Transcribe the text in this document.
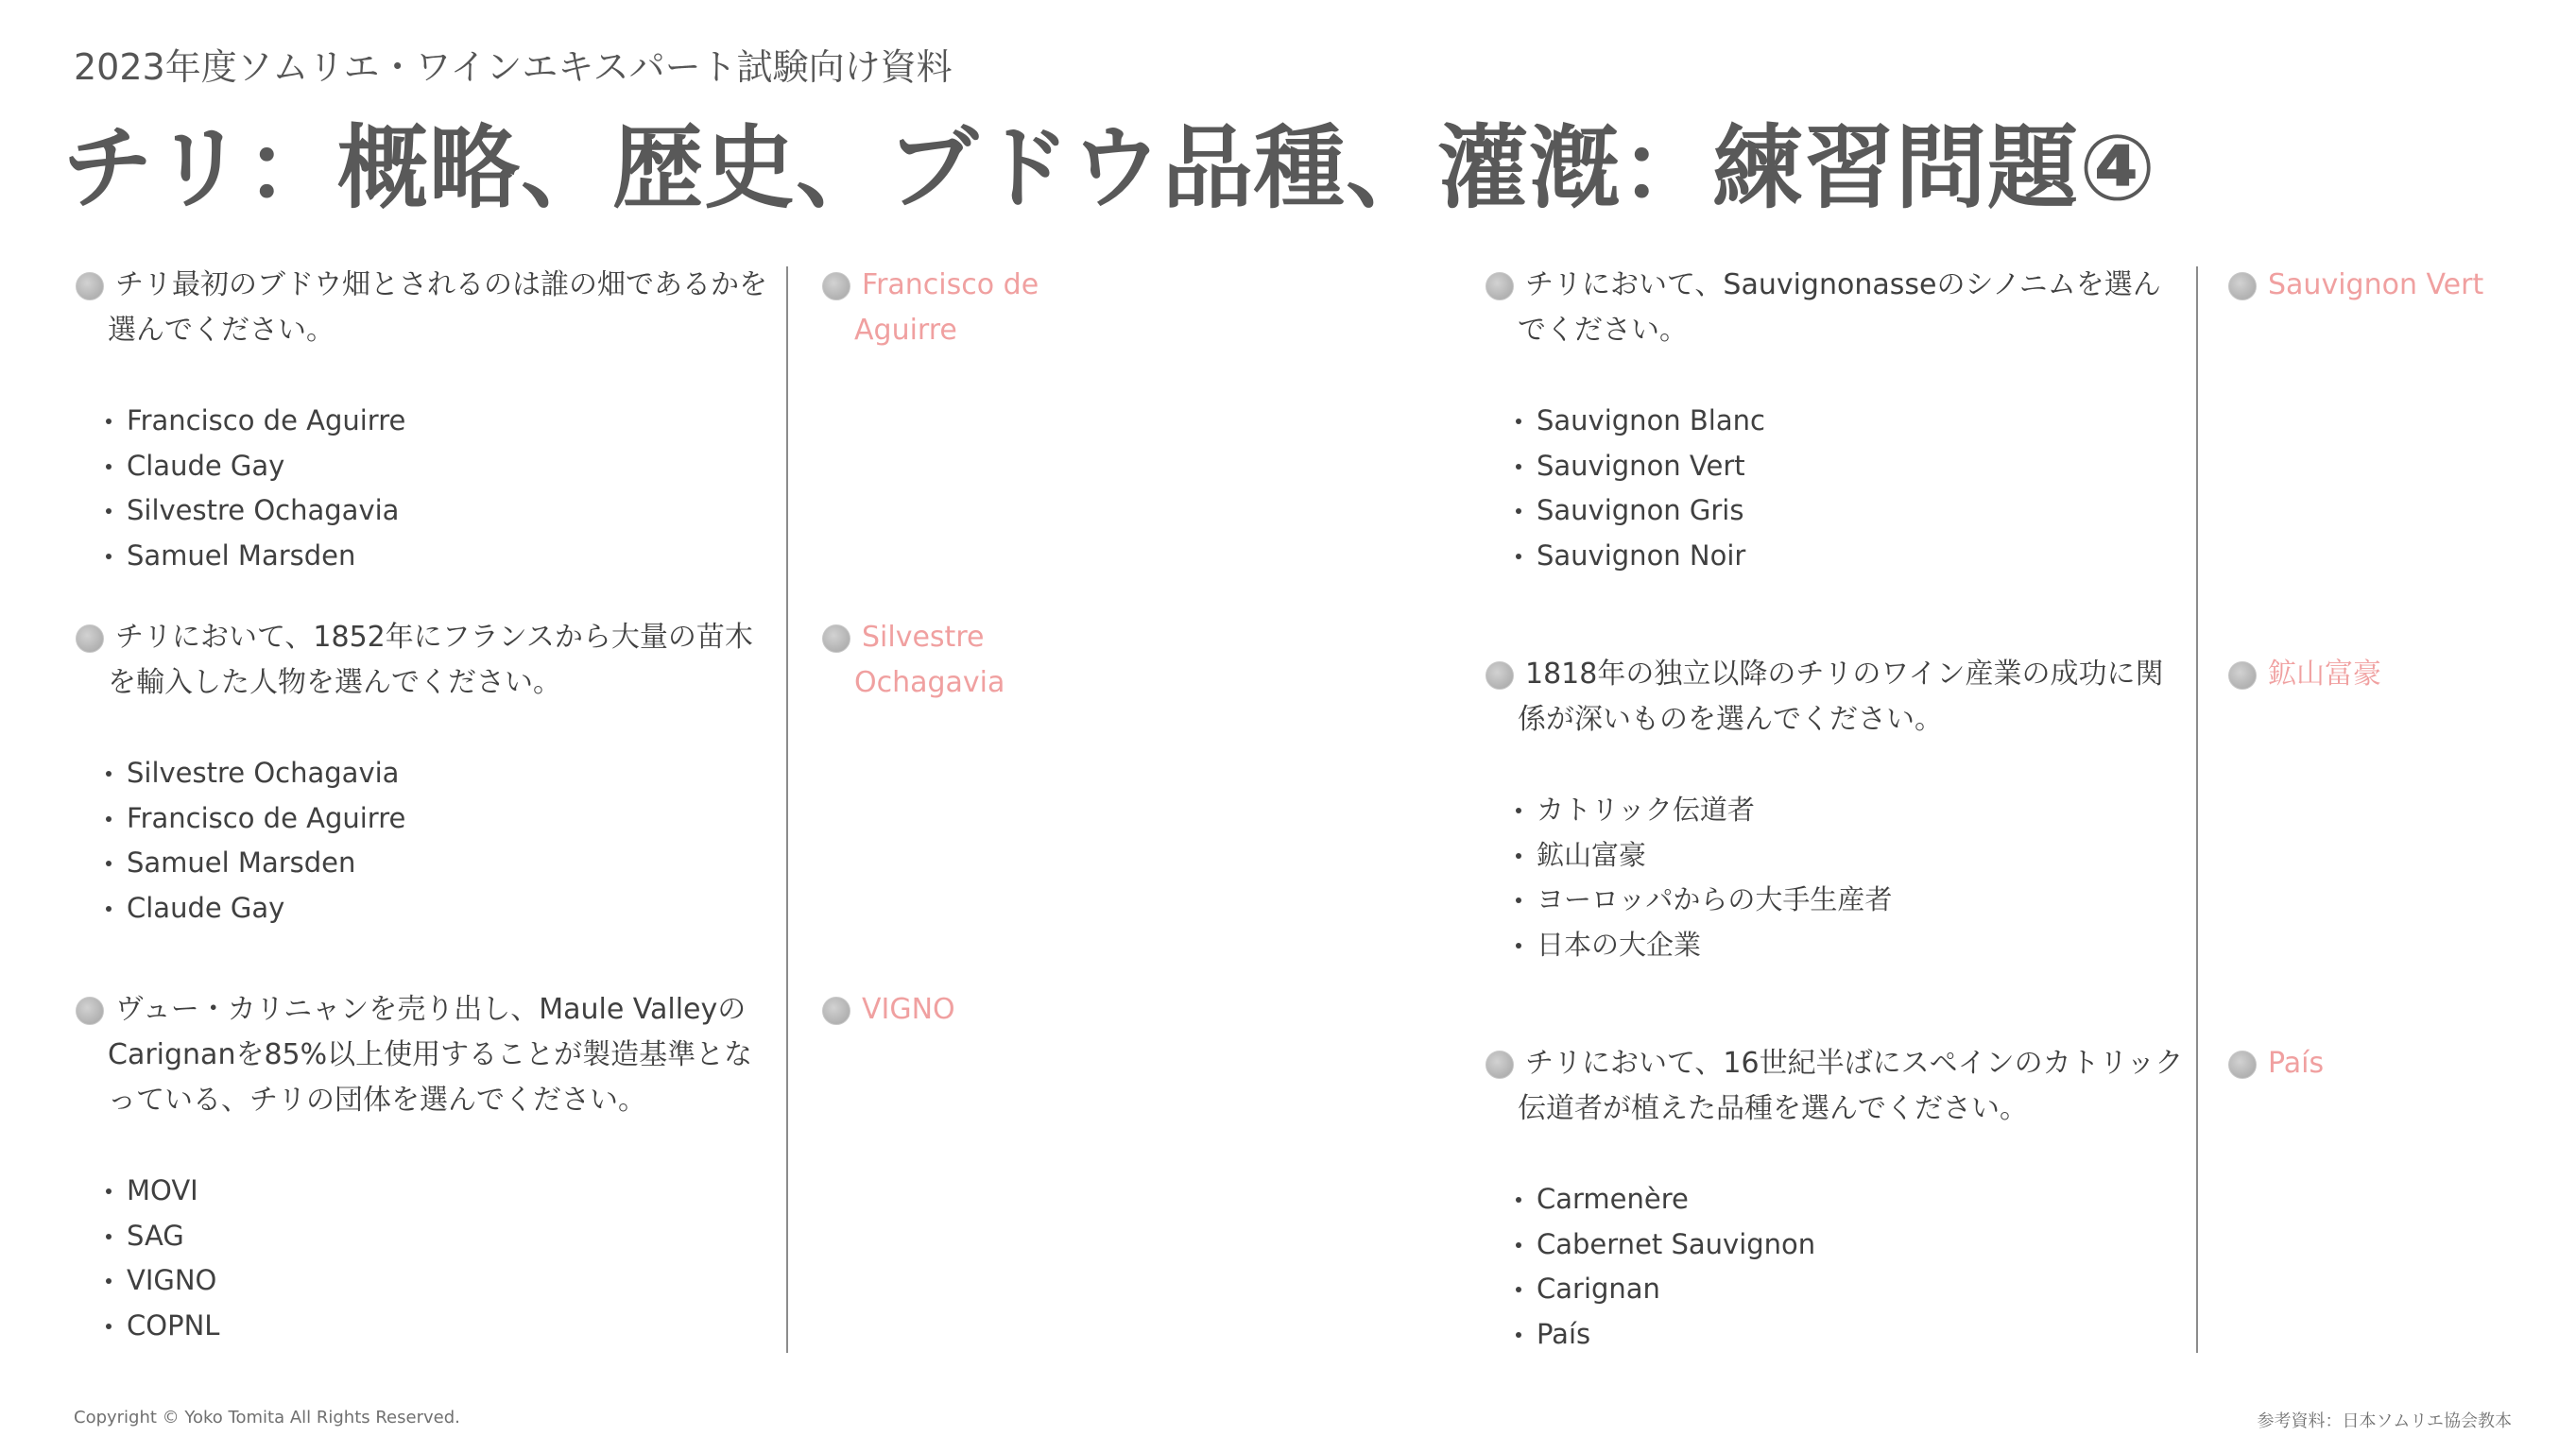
2023年度ソムリエ・ワインエキスパート試験向け資料
チリ：概略、歴史、ブドウ品種、灌漑：練習問題④

チリ最初のブドウ畑とされるのは誰の畑であるかを選んでください。

Francisco de Aguirre
Claude Gay
Silvestre Ochagavia
Samuel Marsden

Francisco de Aguirre

チリにおいて、1852年にフランスから大量の苗木を輸入した人物を選んでください。

Silvestre Ochagavia
Francisco de Aguirre
Samuel Marsden
Claude Gay

Silvestre Ochagavia

ヴュー・カリニャンを売り出し、Maule ValleyのCarignanを85%以上使用することが製造基準となっている、チリの団体を選んでください。

MOVI
SAG
VIGNO
COPNL

VIGNO

チリにおいて、Sauvignonasseのシノニムを選んでください。

Sauvignon Blanc
Sauvignon Vert
Sauvignon Gris
Sauvignon Noir

Sauvignon Vert

1818年の独立以降のチリのワイン産業の成功に関係が深いものを選んでください。

カトリック伝道者
鉱山富豪
ヨーロッパからの大手生産者
日本の大企業

鉱山富豪

チリにおいて、16世紀半ばにスペインのカトリック伝道者が植えた品種を選んでください。

Carmenère
Cabernet Sauvignon
Carignan
País

País

Copyright © Yoko Tomita All Rights Reserved.	参考資料：日本ソムリエ協会教本
